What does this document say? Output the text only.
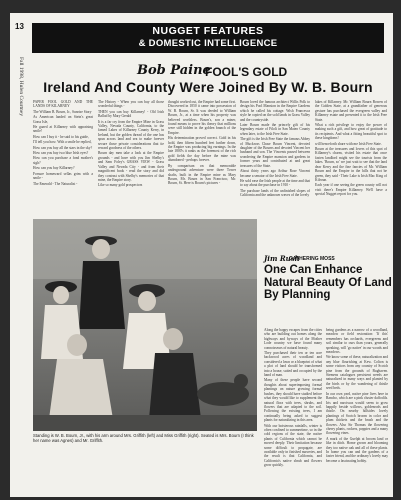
13
Fall 1998, Hulen Courtney
NUGGET FEATURES
& DOMESTIC INTELLIGENCE
Bob Paine
FOOL'S GOLD
Ireland And County Were Joined By W. B. Bourn

PAPER FOOL GOLD AND THE LANDS OF KILARNEY

The William B. Bourn, Jr., Sunrise Story

As American landed on Stein's great Grass Isle,

He gazed at Killarney with appraising smile!

How can I buy it - he said to his guide,

I'll tell you how. With a smile he replied,

How can you buy all the stars in the sky?

How can you buy two blue Irish eyes?

How can you purchase a fond mother's sigh?

How can you buy Killarney?

Forsure homeward sellas grim with a smile -

The Emerald - The Naturalist -

The History - When you can buy all those wonderful things -

THEN you can buy Killarney! - Old Irish Ballad by Mary Gerald

It is a far cry from the Empire Mine in Grass Valley, Nevada County, California, to the famed Lakes of Killarney County Kerry, in Ireland, but the golden thread of the one has spun across land and sea to make forever secure those private considerations that tie reward goodness of the others.

Bourn day men take a look at the Empire grounds - and have with you Jim Shelby's and Sam Foley's GRASS VIEW - Grass Valley and Nevada City - and from their magnificent book - read the story and did they contrast with Shelby's memories of that mine, the Empire story.

Like so many gold prospectors

thought worked out, the Empire had some first. Discovered in 1850 it came into possession of W. B. Bourn, Sr. It was deeded to William Bourn, Jr., at a time when his property was believed worthless. Bourn's, son a miner, found means to prove his theory that millions were still hidden in the golden branch of the Empire.

His determination proved correct. Gold in his hold, then fifteen hundred feet further down, the Empire was producing big earnings. In the late 1800's it ranks as the foremost of the rich gold fields the day before the mine was abandoned - perhaps forever.

By comparison on that memorable underground adventure were three Tower shafts, built in the Empire mine as Mary Bourn, Mr. Bourn in San Francisco, Mr. Bourn, St. Here is Bourn's pictures -

Bourn loved the famous architect Willis Polk to design his Pool Mansion in the Empire Gardens which he called his cottage. Wish Francesca style he copied on the sold lands in Grass Valley and the countryside.

Later Bourn made the princely gift of his legendary estate of Filoli in San Mateo County when later, to the Irish Free State.

The gift is the Irish Free State the famous Abbey of Muckross Chase Bourn Vincent, devoted daughter of the Bourns and devoted Vincent her husband and son. The Vincents passed between wondering the Empire mansion and gardens in former years and contributed at and great treasures of the State.

About thirty years ago Arthur Rose Vincent became a senator of the Irish Free State.

He sold ease the Irish people at the time and that to say about the purchase in 1910 -

The purchase lands of the unfinished slopes of California and the unknown waves of the lovely

lakes of Killarney. Mr. William Bourn Bowen of the Golden State, at a grandfather of generous gesture has purchased the evergreen valley and Killarney estate and presented it to the Irish Free State.

What a rich privilege to enjoy the power of making such a gift, and how great of gratitude to its recipients. And what a fitting beautiful spot to these kingdoms!

will henceforth share with me Irish Free State.

Bourn at the treasures and lovers of this spot of Killarney's charm, visited his estate that once fasten landlord might see the tourists from the lakes. 'Bourn, so' we just wait to see that the land dear Kerry and the fine fancies of Mr. William Bourn and the Empire in the hills that not be green, they said - Their Lake is Irish Mac King of Kilroun.

Each year if one seeing the green county will not visit there's Empire Killarney. We'll have a special Nugget report for you.

Standing is W. B. Bourn, Jr., with his arm around Mrs. Griffith (left) and Miss Griffith (right). Seated is Mrs. Bourn (I think her name was Agnes) and Mr. Griffith.
Jim Rush
GATHERING MOSS
One Can Enhance Natural Beauty Of Land By Planning

Along the happy escapes from the cities who are building out homes along the highways and byways of the Mother Lode country we have found many connoisseurs of natural beauty.

They purchased their ten or ten acre backwood acres of woodland and considered a lawn or a blueprint of what a plot of land should be transformed into a house, suited and occupied by the hand of man.

Many of these people have second thoughts about superimposing formal plantings on nature growing formal bushes, they should have studied before what they would like to supplement the natural flora with trees, shrubs, and flowers that are adapted to the soil. Following the existing trees, I am continually being asked to suggest plants for naturalizing in this area.

With our boisterous rainfalls, winter is often confined to summertime, so in the cold regions of the state, the native plants of California which cannot be moved deeply. Their limitation because some difficult to propagate, are available only in finished nurseries, and the result is that California, and California's native shrub and flowers grow quickly.

being gardens as a narrow of a woodland, meadow or field restoration: 'If this' remembers has orchards, evergreens and soil similar to ours than yours, generally speaking, will 'go native' in our woods and meadows.

We know some of these, naturalization and any blue flourishing at Kew. Colton is some visitors from any country of Scotch pine from the grounds of Bughaven. Siemens catalogues persistent weeds are naturalized in many ways and planted by the birds or by the wandering of thistle seed beds.

In our own yard, native pine lives here in Rancho, which are a pink cluster daffodils. Iris and narcissus would seem to grow happily beside willows, goldenrods and thistle. On nearby hillsides lovely plantings of Scotch broom in color and plum thickets and the brush and the flowers. Also Sir Thomas the flowering cherry plants, rockers, poppies and a many flowering vines.

A mark of the Guelph at broom land or like in ditch. Home grown and blooming they too native oak and all of these plants. In home you can and the gardens of a faster friend, and the ordinary's lovely may become a fascinating hobby.
